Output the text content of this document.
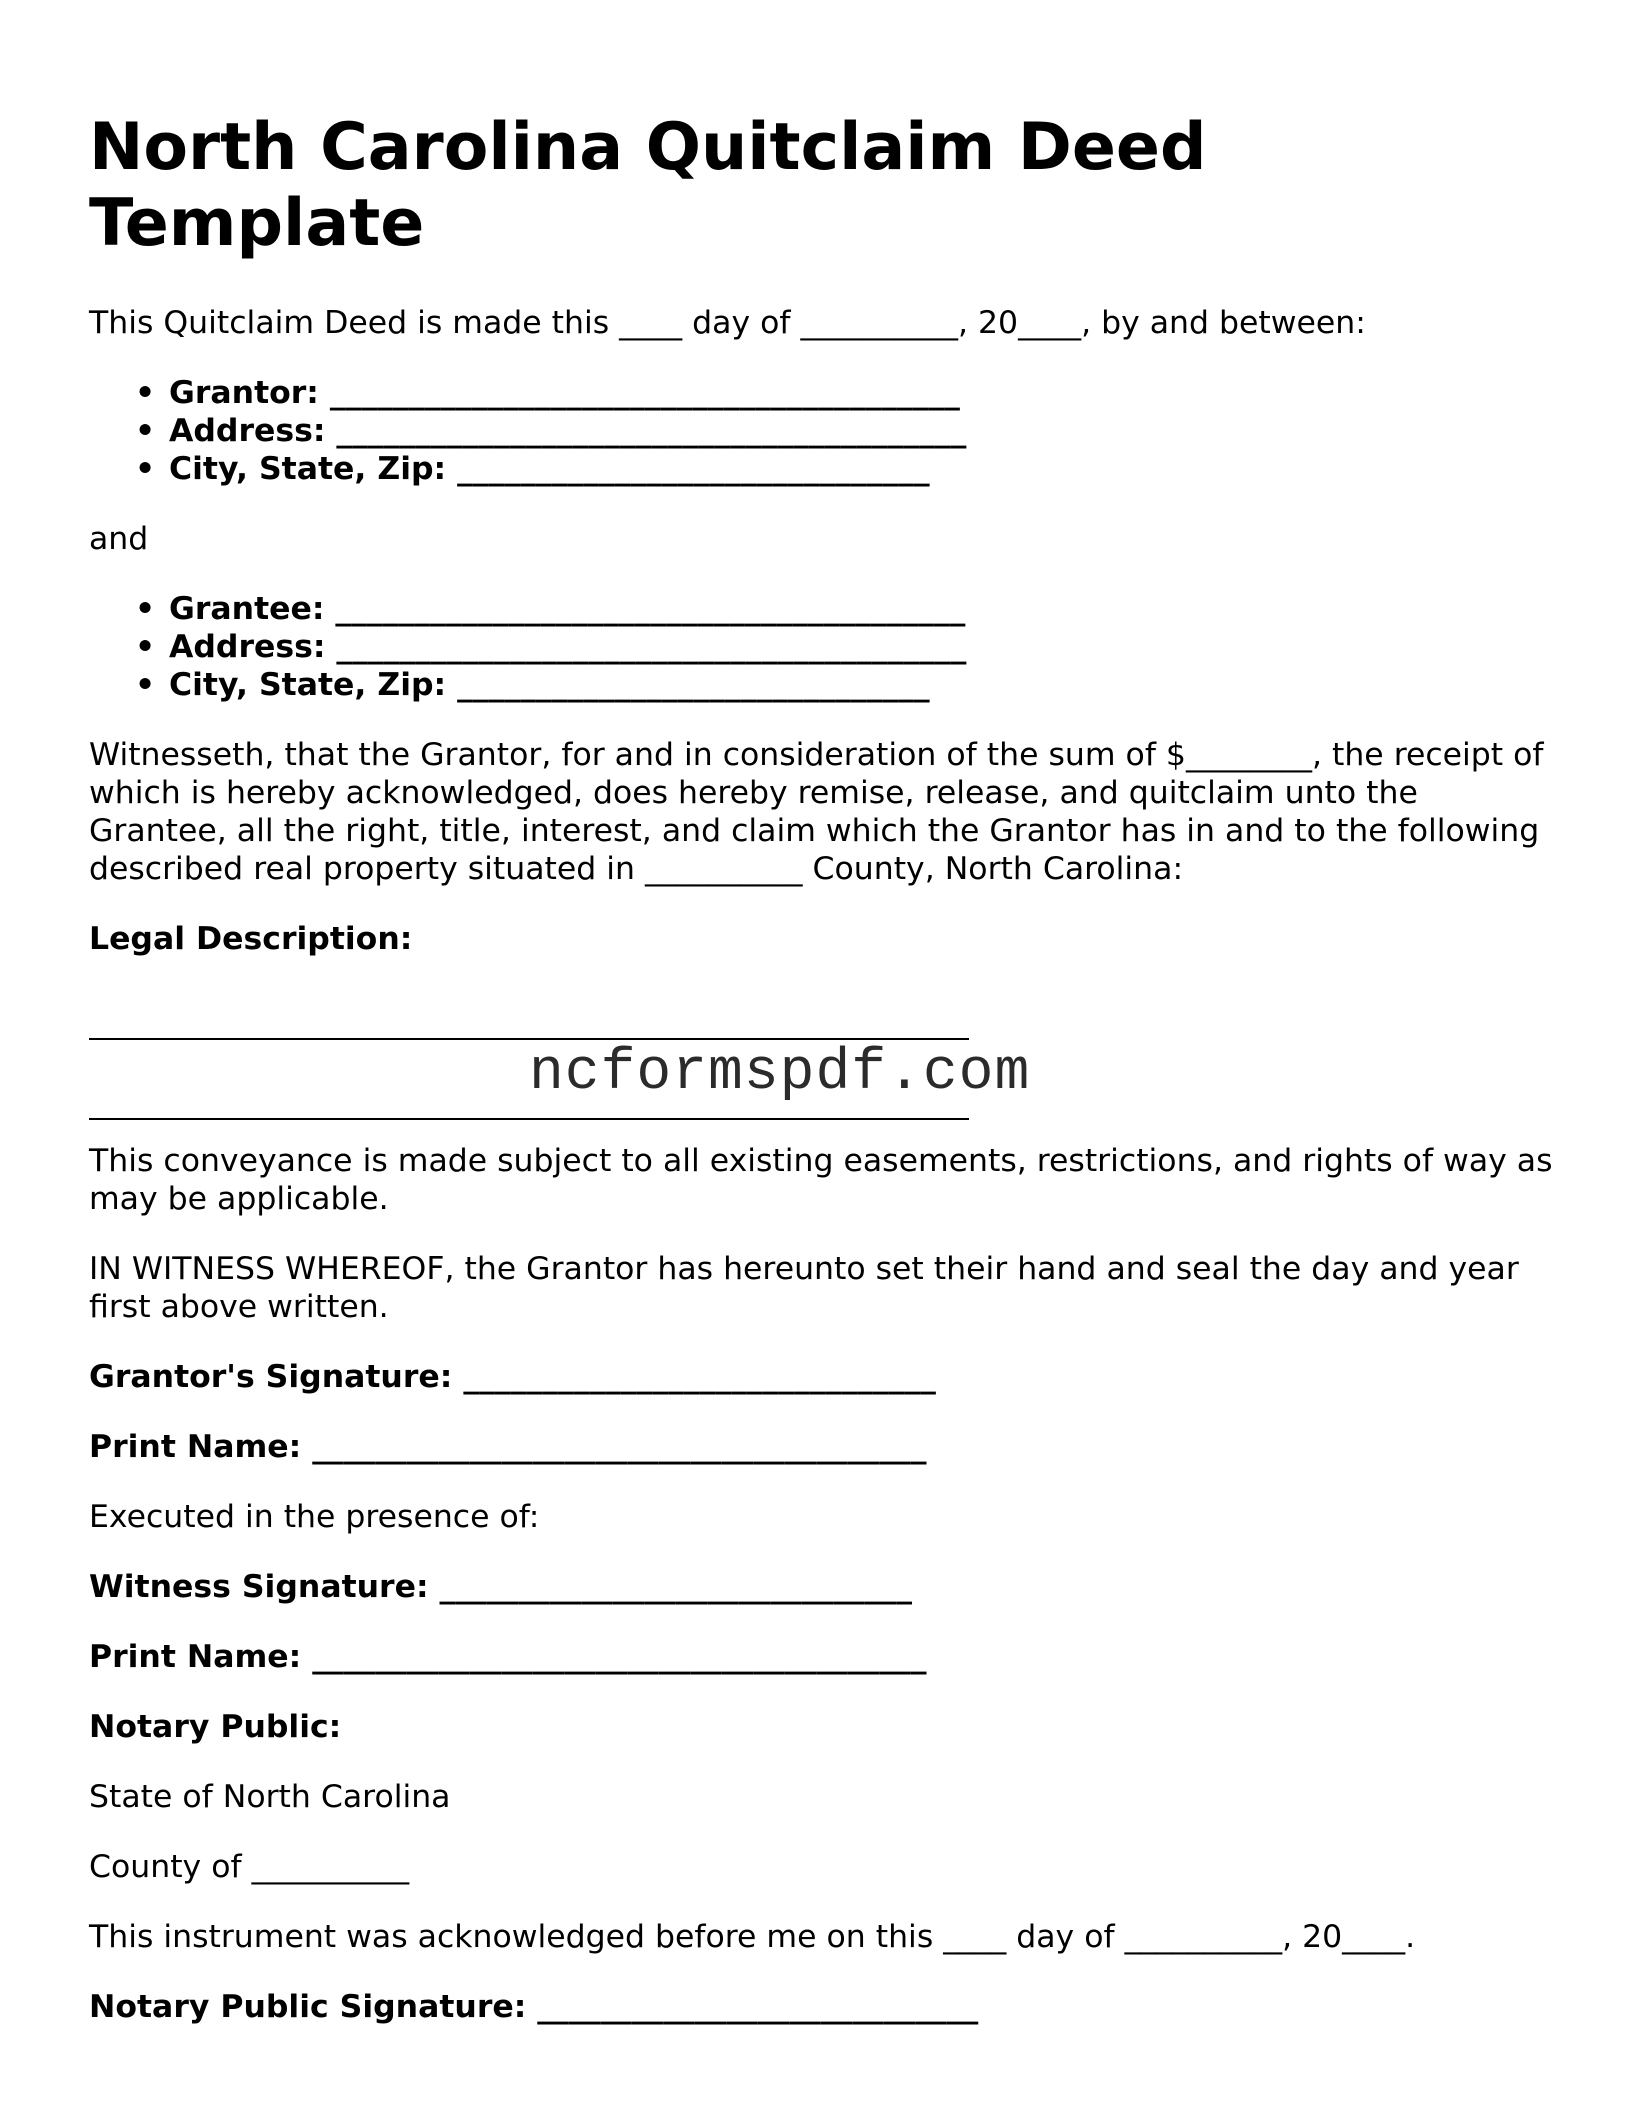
North Carolina Quitclaim Deed Template

This Quitclaim Deed is made this ____ day of __________, 20____, by and between:

• Grantor: ________________________________________
• Address: ________________________________________
• City, State, Zip: ______________________________

and

• Grantee: ________________________________________
• Address: ________________________________________
• City, State, Zip: ______________________________

Witnesseth, that the Grantor, for and in consideration of the sum of $________, the receipt of which is hereby acknowledged, does hereby remise, release, and quitclaim unto the Grantee, all the right, title, interest, and claim which the Grantor has in and to the following described real property situated in __________ County, North Carolina:

Legal Description:

ncformspdf.com

This conveyance is made subject to all existing easements, restrictions, and rights of way as may be applicable.

IN WITNESS WHEREOF, the Grantor has hereunto set their hand and seal the day and year first above written.

Grantor's Signature: ______________________________

Print Name: _______________________________________

Executed in the presence of:

Witness Signature: ______________________________

Print Name: _______________________________________

Notary Public:

State of North Carolina

County of __________

This instrument was acknowledged before me on this ____ day of __________, 20____.

Notary Public Signature: ____________________________
